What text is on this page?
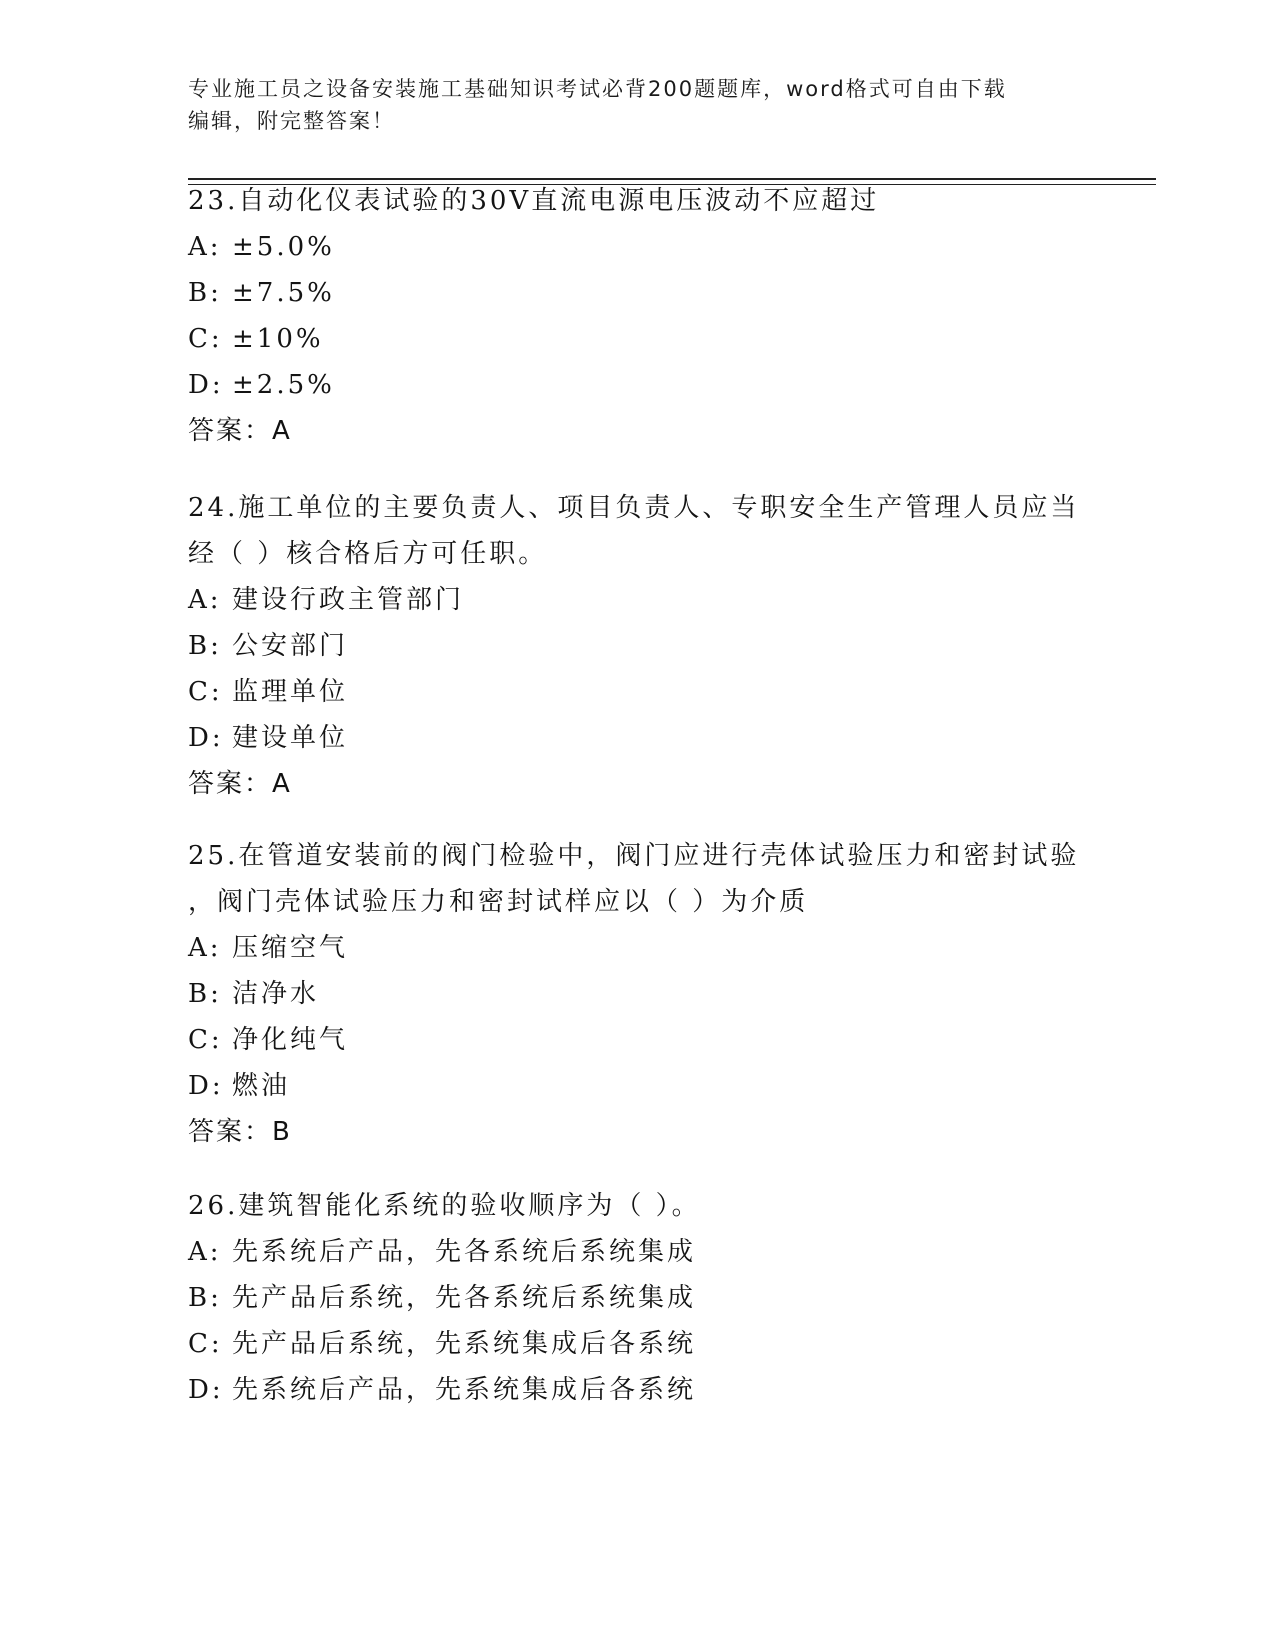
专业施工员之设备安装施工基础知识考试必背200题题库，word格式可自由下载
编辑，附完整答案！
23.自动化仪表试验的30V直流电源电压波动不应超过
A: ±5.0%
B: ±7.5%
C: ±10%
D: ±2.5%
答案：A
24.施工单位的主要负责人、项目负责人、专职安全生产管理人员应当
经（ ）核合格后方可任职。
A: 建设行政主管部门
B: 公安部门
C: 监理单位
D: 建设单位
答案：A
25.在管道安装前的阀门检验中，阀门应进行壳体试验压力和密封试验
，阀门壳体试验压力和密封试样应以（ ）为介质
A: 压缩空气
B: 洁净水
C: 净化纯气
D: 燃油
答案：B
26.建筑智能化系统的验收顺序为（ ）。
A: 先系统后产品，先各系统后系统集成
B: 先产品后系统，先各系统后系统集成
C: 先产品后系统，先系统集成后各系统
D: 先系统后产品，先系统集成后各系统
